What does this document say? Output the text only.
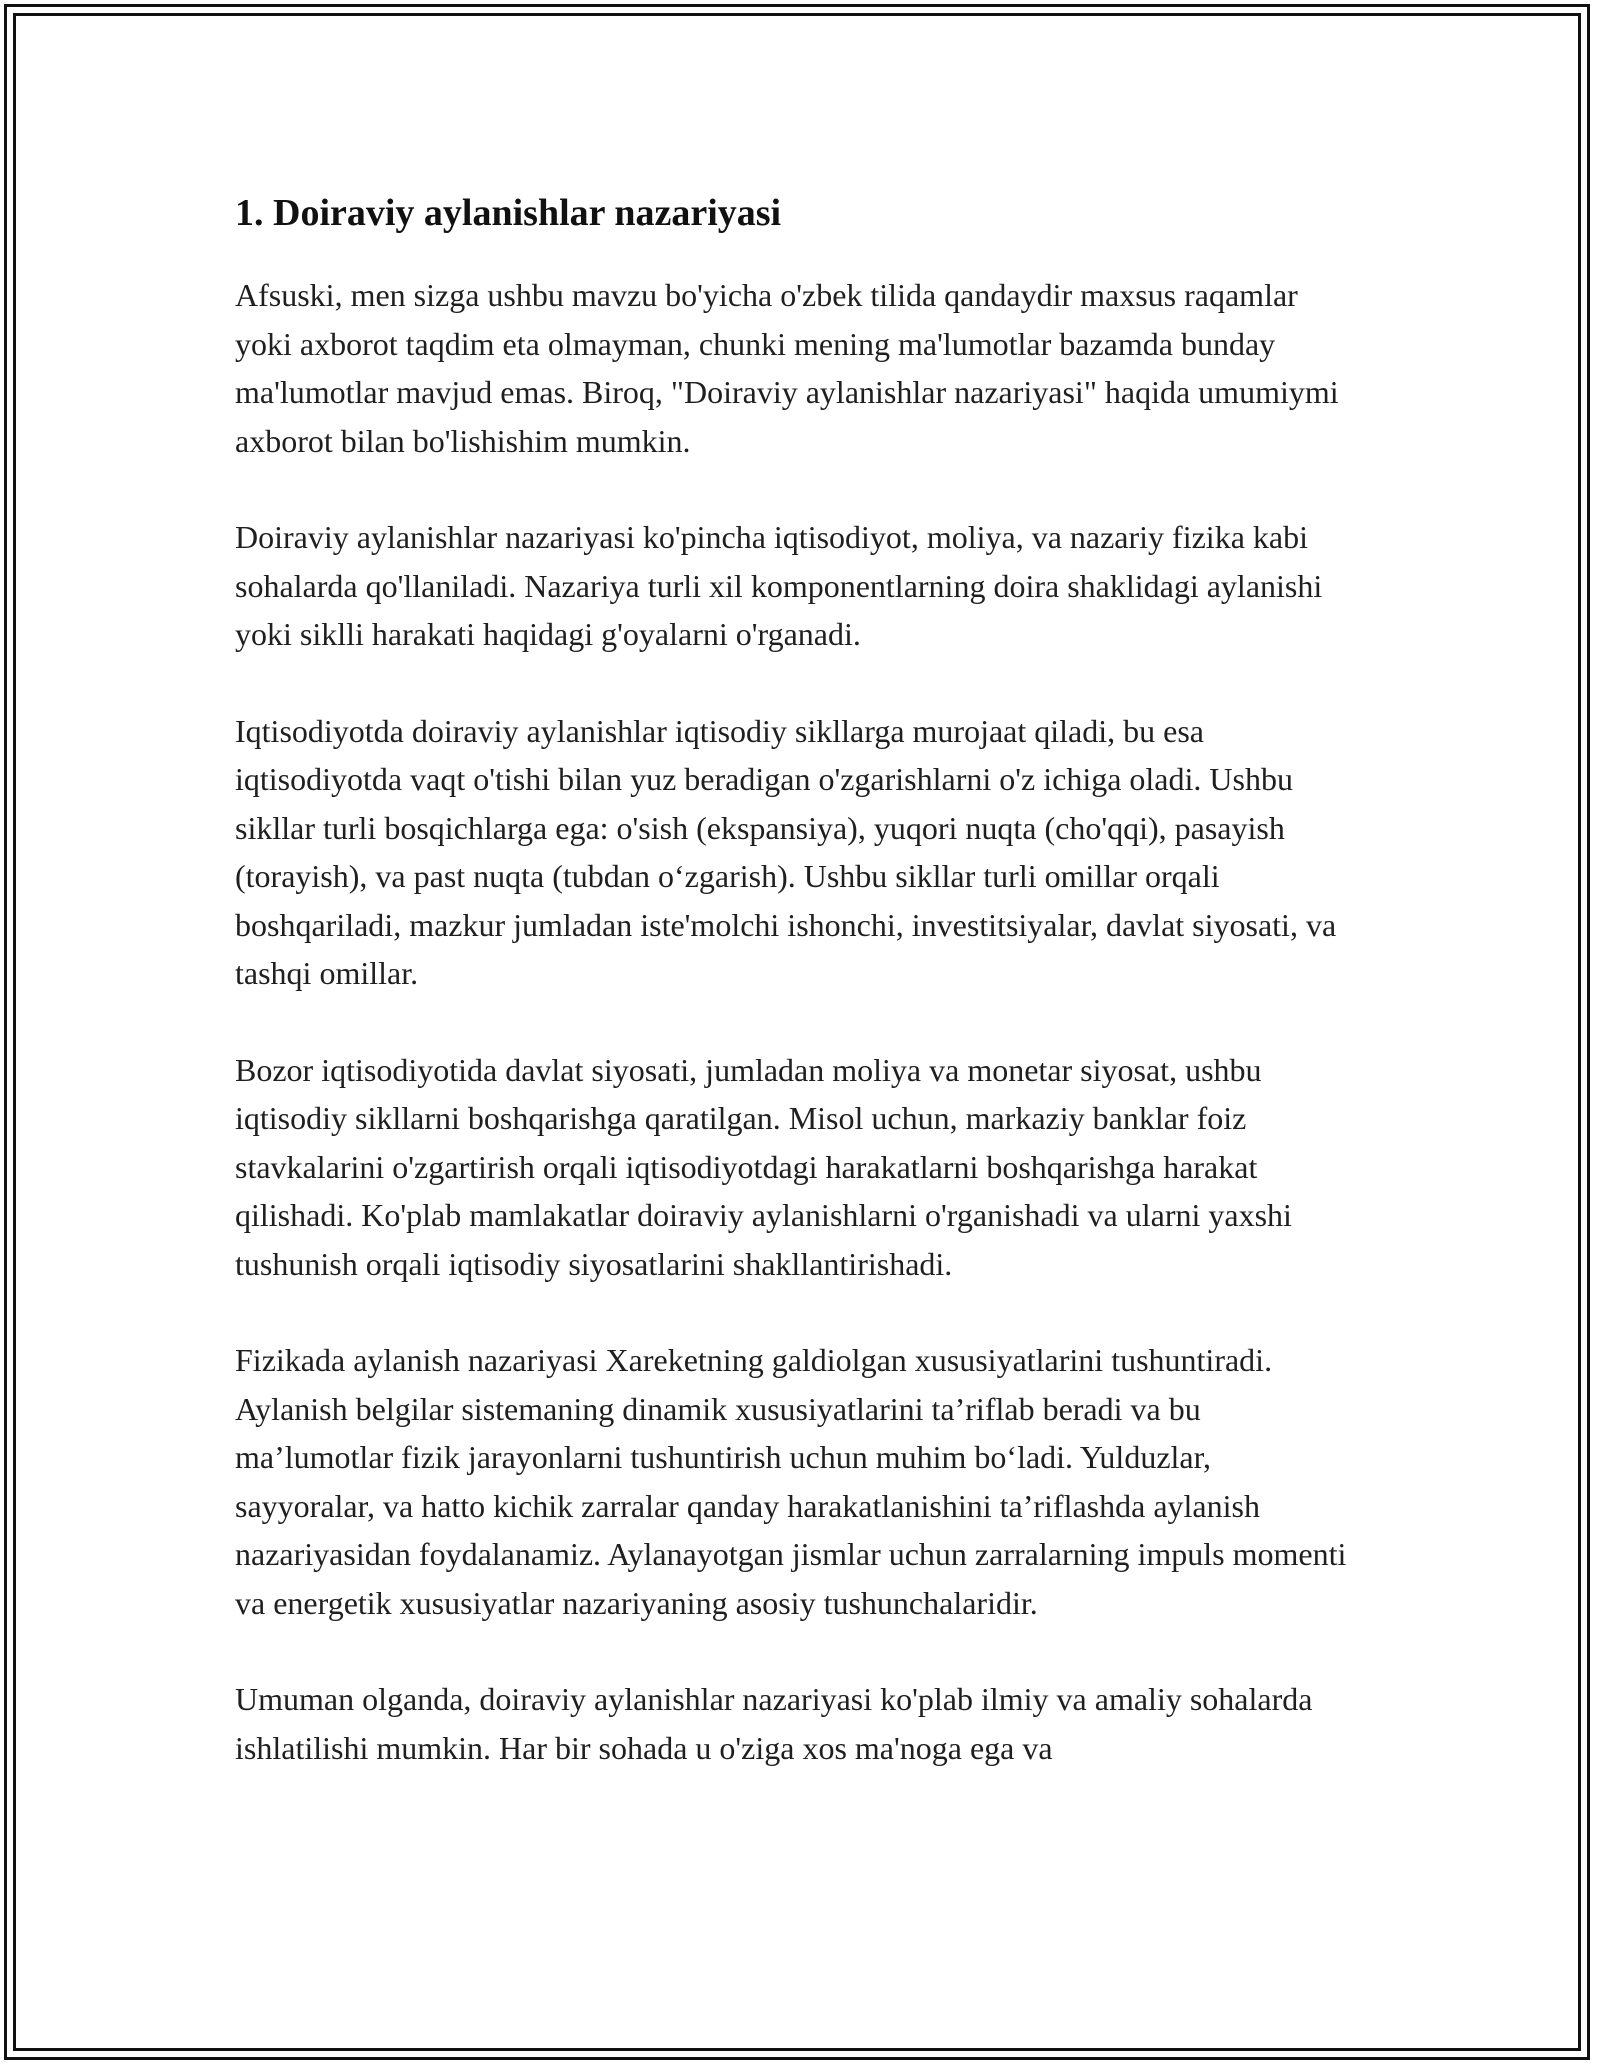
1. Doiraviy aylanishlar nazariyasi

Afsuski, men sizga ushbu mavzu bo'yicha o'zbek tilida qandaydir maxsus raqamlar yoki axborot taqdim eta olmayman, chunki mening ma'lumotlar bazamda bunday ma'lumotlar mavjud emas. Biroq, "Doiraviy aylanishlar nazariyasi" haqida umumiymi axborot bilan bo'lishishim mumkin.

Doiraviy aylanishlar nazariyasi ko'pincha iqtisodiyot, moliya, va nazariy fizika kabi sohalarda qo'llaniladi. Nazariya turli xil komponentlarning doira shaklidagi aylanishi yoki siklli harakati haqidagi g'oyalarni o'rganadi.

Iqtisodiyotda doiraviy aylanishlar iqtisodiy sikllarga murojaat qiladi, bu esa iqtisodiyotda vaqt o'tishi bilan yuz beradigan o'zgarishlarni o'z ichiga oladi. Ushbu sikllar turli bosqichlarga ega: o'sish (ekspansiya), yuqori nuqta (cho'qqi), pasayish (torayish), va past nuqta (tubdan o‘zgarish). Ushbu sikllar turli omillar orqali boshqariladi, mazkur jumladan iste'molchi ishonchi, investitsiyalar, davlat siyosati, va tashqi omillar.

Bozor iqtisodiyotida davlat siyosati, jumladan moliya va monetar siyosat, ushbu iqtisodiy sikllarni boshqarishga qaratilgan. Misol uchun, markaziy banklar foiz stavkalarini o'zgartirish orqali iqtisodiyotdagi harakatlarni boshqarishga harakat qilishadi. Ko'plab mamlakatlar doiraviy aylanishlarni o'rganishadi va ularni yaxshi tushunish orqali iqtisodiy siyosatlarini shakllantirishadi.

Fizikada aylanish nazariyasi Xareketning galdiolgan xususiyatlarini tushuntiradi. Aylanish belgilar sistemaning dinamik xususiyatlarini ta’riflab beradi va bu ma’lumotlar fizik jarayonlarni tushuntirish uchun muhim bo‘ladi. Yulduzlar, sayyoralar, va hatto kichik zarralar qanday harakatlanishini ta’riflashda aylanish nazariyasidan foydalanamiz. Aylanayotgan jismlar uchun zarralarning impuls momenti va energetik xususiyatlar nazariyaning asosiy tushunchalaridir.

Umuman olganda, doiraviy aylanishlar nazariyasi ko'plab ilmiy va amaliy sohalarda ishlatilishi mumkin. Har bir sohada u o'ziga xos ma'noga ega va
